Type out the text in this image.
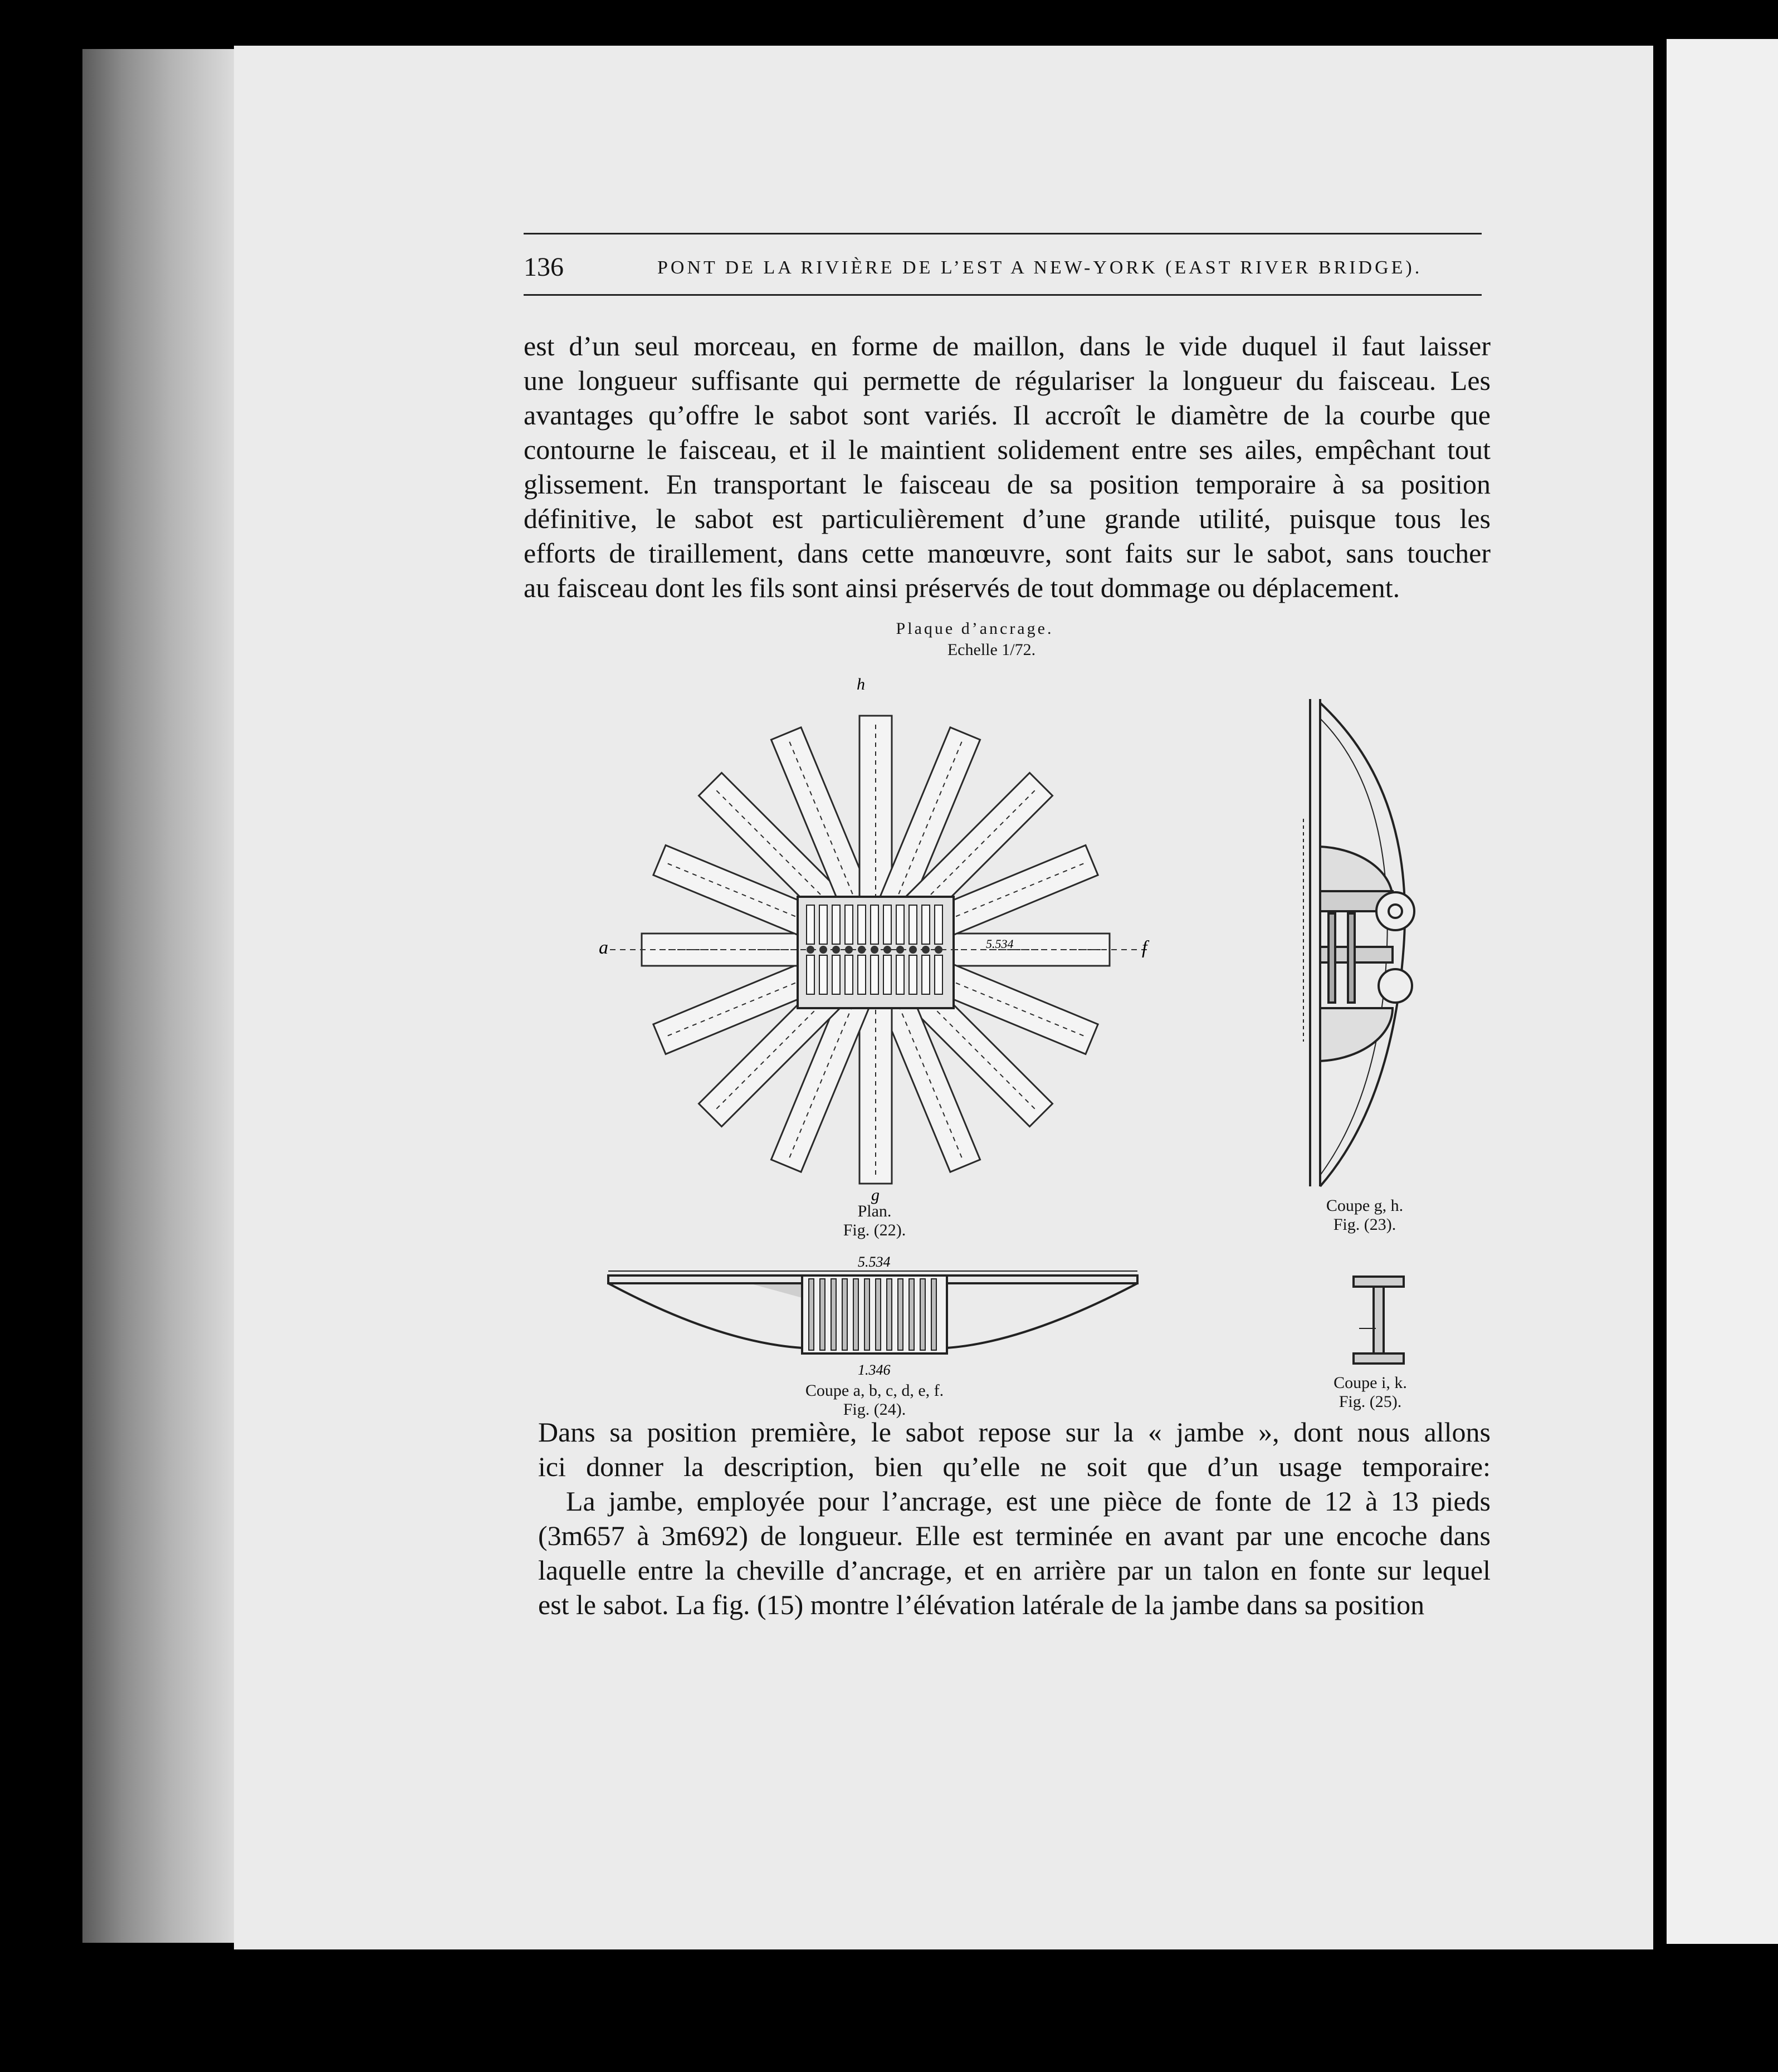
136	PONT DE LA RIVIÈRE DE L’EST A NEW-YORK (EAST RIVER BRIDGE).
est d’un seul morceau, en forme de maillon, dans le vide duquel il faut laisser
une longueur suffisante qui permette de régulariser la longueur du faisceau. Les
avantages qu’offre le sabot sont variés. Il accroît le diamètre de la courbe que
contourne le faisceau, et il le maintient solidement entre ses ailes, empêchant tout
glissement. En transportant le faisceau de sa position temporaire à sa position
définitive, le sabot est particulièrement d’une grande utilité, puisque tous les
efforts de tiraillement, dans cette manœuvre, sont faits sur le sabot, sans toucher
au faisceau dont les fils sont ainsi préservés de tout dommage ou déplacement.
Plaque d’ancrage.
Echelle 1/72.
a	f
h
g
5.534
5.534
1.346
Plan.
Fig. (22).
Coupe g, h.
Fig. (23).
Coupe a, b, c, d, e, f.
Fig. (24).
Coupe i, k.
Fig. (25).
Dans sa position première, le sabot repose sur la « jambe », dont nous allons
ici donner la description, bien qu’elle ne soit que d’un usage temporaire:
La jambe, employée pour l’ancrage, est une pièce de fonte de 12 à 13 pieds
(3m657 à 3m692) de longueur. Elle est terminée en avant par une encoche dans
laquelle entre la cheville d’ancrage, et en arrière par un talon en fonte sur lequel
est le sabot. La fig. (15) montre l’élévation latérale de la jambe dans sa position
